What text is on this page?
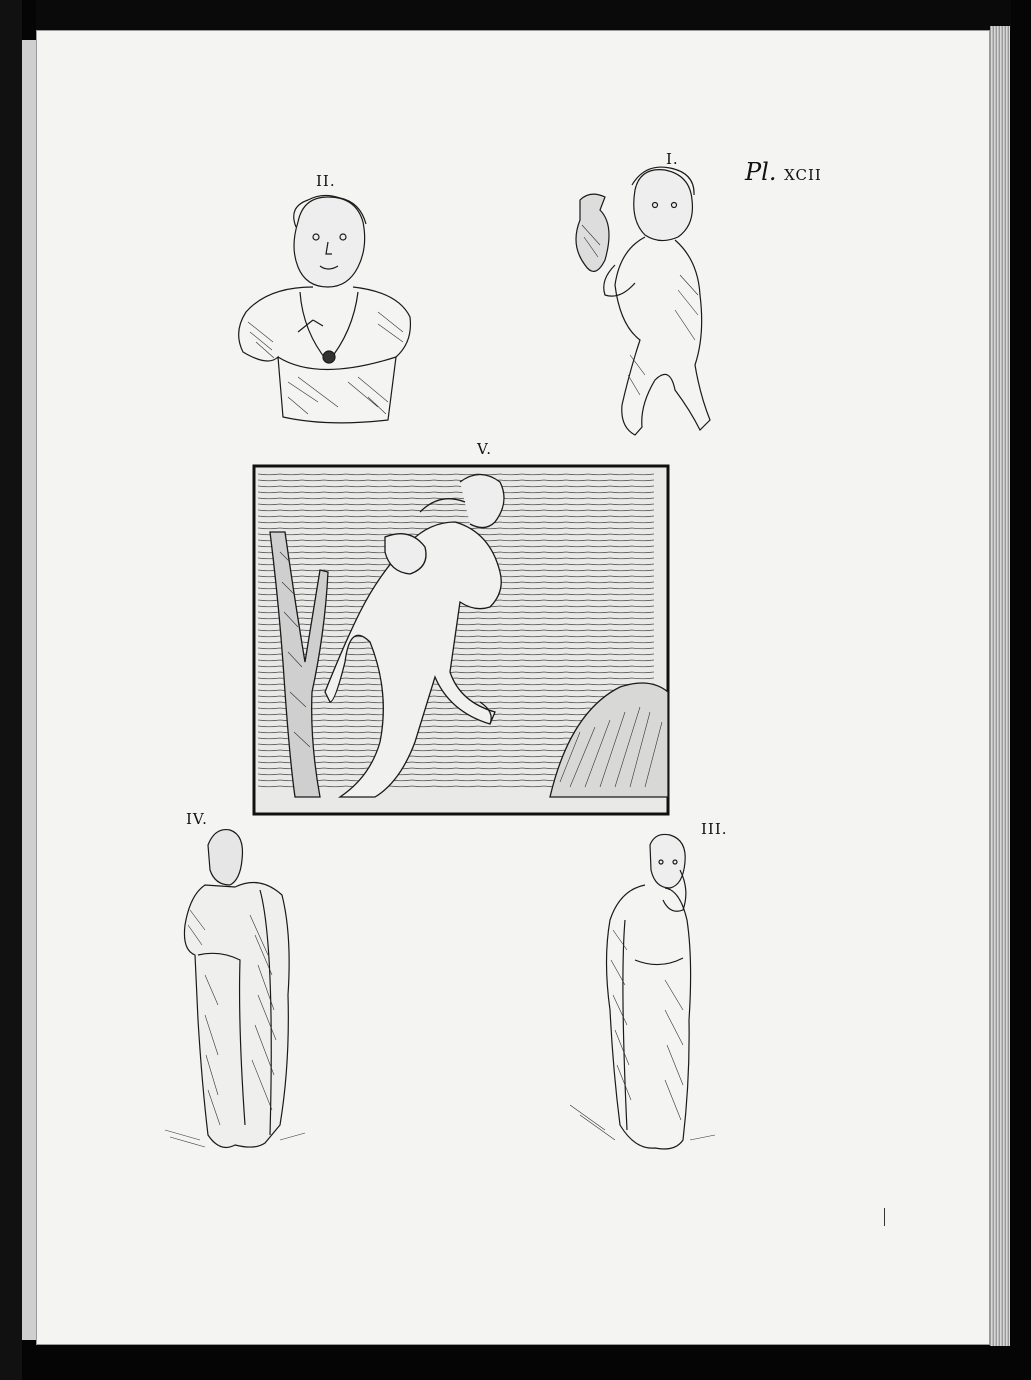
Pl. XCII
II.
I.
V.
IV.
III.
